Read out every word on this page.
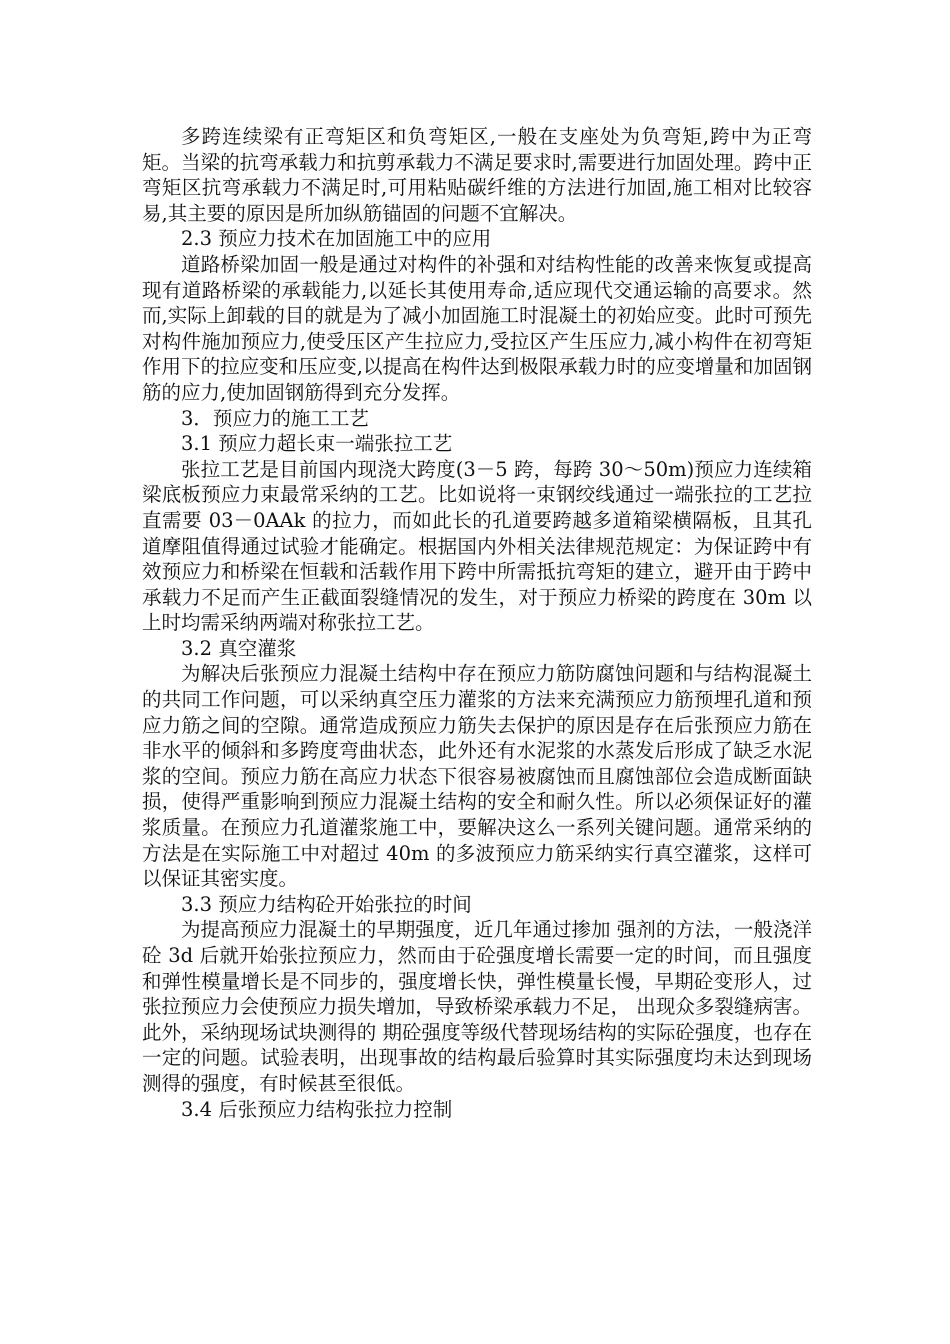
多跨连续梁有正弯矩区和负弯矩区,一般在支座处为负弯矩,跨中为正弯矩。当梁的抗弯承载力和抗剪承载力不满足要求时,需要进行加固处理。跨中正弯矩区抗弯承载力不满足时,可用粘贴碳纤维的方法进行加固,施工相对比较容易,其主要的原因是所加纵筋锚固的问题不宜解决。

2.3 预应力技术在加固施工中的应用

道路桥梁加固一般是通过对构件的补强和对结构性能的改善来恢复或提高现有道路桥梁的承载能力,以延长其使用寿命,适应现代交通运输的高要求。然而,实际上卸载的目的就是为了减小加固施工时混凝土的初始应变。此时可预先对构件施加预应力,使受压区产生拉应力,受拉区产生压应力,减小构件在初弯矩作用下的拉应变和压应变,以提高在构件达到极限承载力时的应变增量和加固钢筋的应力,使加固钢筋得到充分发挥。

3．预应力的施工工艺

3.1 预应力超长束一端张拉工艺

张拉工艺是目前国内现浇大跨度(3－5 跨，每跨 30～50m)预应力连续箱梁底板预应力束最常采纳的工艺。比如说将一束钢绞线通过一端张拉的工艺拉直需要 03－0AAk 的拉力，而如此长的孔道要跨越多道箱梁横隔板，且其孔道摩阻值得通过试验才能确定。根据国内外相关法律规范规定：为保证跨中有效预应力和桥梁在恒载和活载作用下跨中所需抵抗弯矩的建立，避开由于跨中承载力不足而产生正截面裂缝情况的发生，对于预应力桥梁的跨度在 30m 以上时均需采纳两端对称张拉工艺。

3.2 真空灌浆

为解决后张预应力混凝土结构中存在预应力筋防腐蚀问题和与结构混凝土的共同工作问题，可以采纳真空压力灌浆的方法来充满预应力筋预埋孔道和预应力筋之间的空隙。通常造成预应力筋失去保护的原因是存在后张预应力筋在非水平的倾斜和多跨度弯曲状态，此外还有水泥浆的水蒸发后形成了缺乏水泥浆的空间。预应力筋在高应力状态下很容易被腐蚀而且腐蚀部位会造成断面缺损，使得严重影响到预应力混凝土结构的安全和耐久性。所以必须保证好的灌浆质量。在预应力孔道灌浆施工中，要解决这么一系列关键问题。通常采纳的方法是在实际施工中对超过 40m 的多波预应力筋采纳实行真空灌浆，这样可以保证其密实度。

3.3 预应力结构砼开始张拉的时间

为提高预应力混凝土的早期强度，近几年通过掺加 强剂的方法，一般浇洋砼 3d 后就开始张拉预应力，然而由于砼强度增长需要一定的时间，而且强度和弹性模量增长是不同步的，强度增长快，弹性模量长慢，早期砼变形人，过 张拉预应力会使预应力损失增加，导致桥梁承载力不足， 出现众多裂缝病害。此外，采纳现场试块测得的 期砼强度等级代替现场结构的实际砼强度，也存在一定的问题。试验表明，出现事故的结构最后验算时其实际强度均未达到现场测得的强度，有时候甚至很低。

3.4 后张预应力结构张拉力控制
